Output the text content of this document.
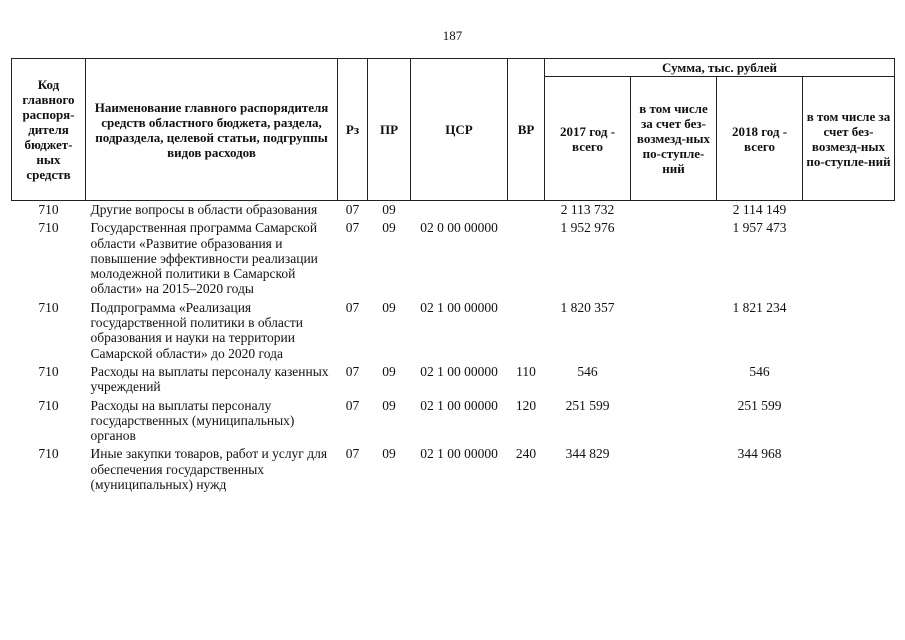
187
Код главного распоря-дителя бюджет-ных средств	Наименование главного распорядителя средств областного бюджета, раздела, подраздела, целевой статьи, подгруппы видов расходов	Рз	ПР	ЦСР	ВР	Сумма, тыс. рублей			
						2017 год - всего	в том числе за счет без-возмезд-ных по-ступле-ний	2018 год - всего	в том числе за счет без-возмезд-ных по-ступле-ний
710	Другие вопросы в области образования	07	09			2 113 732		2 114 149	
710	Государственная программа Самарской области «Развитие образования и повышение эффективности реализации молодежной политики в Самарской области» на 2015–2020 годы	07	09	02 0 00 00000		1 952 976		1 957 473	
710	Подпрограмма «Реализация государственной политики в области образования и науки на территории Самарской области» до 2020 года	07	09	02 1 00 00000		1 820 357		1 821 234	
710	Расходы на выплаты персоналу казенных учреждений	07	09	02 1 00 00000	110	546		546	
710	Расходы на выплаты персоналу государственных (муниципальных) органов	07	09	02 1 00 00000	120	251 599		251 599	
710	Иные закупки товаров, работ и услуг для обеспечения государственных (муниципальных) нужд	07	09	02 1 00 00000	240	344 829		344 968	
